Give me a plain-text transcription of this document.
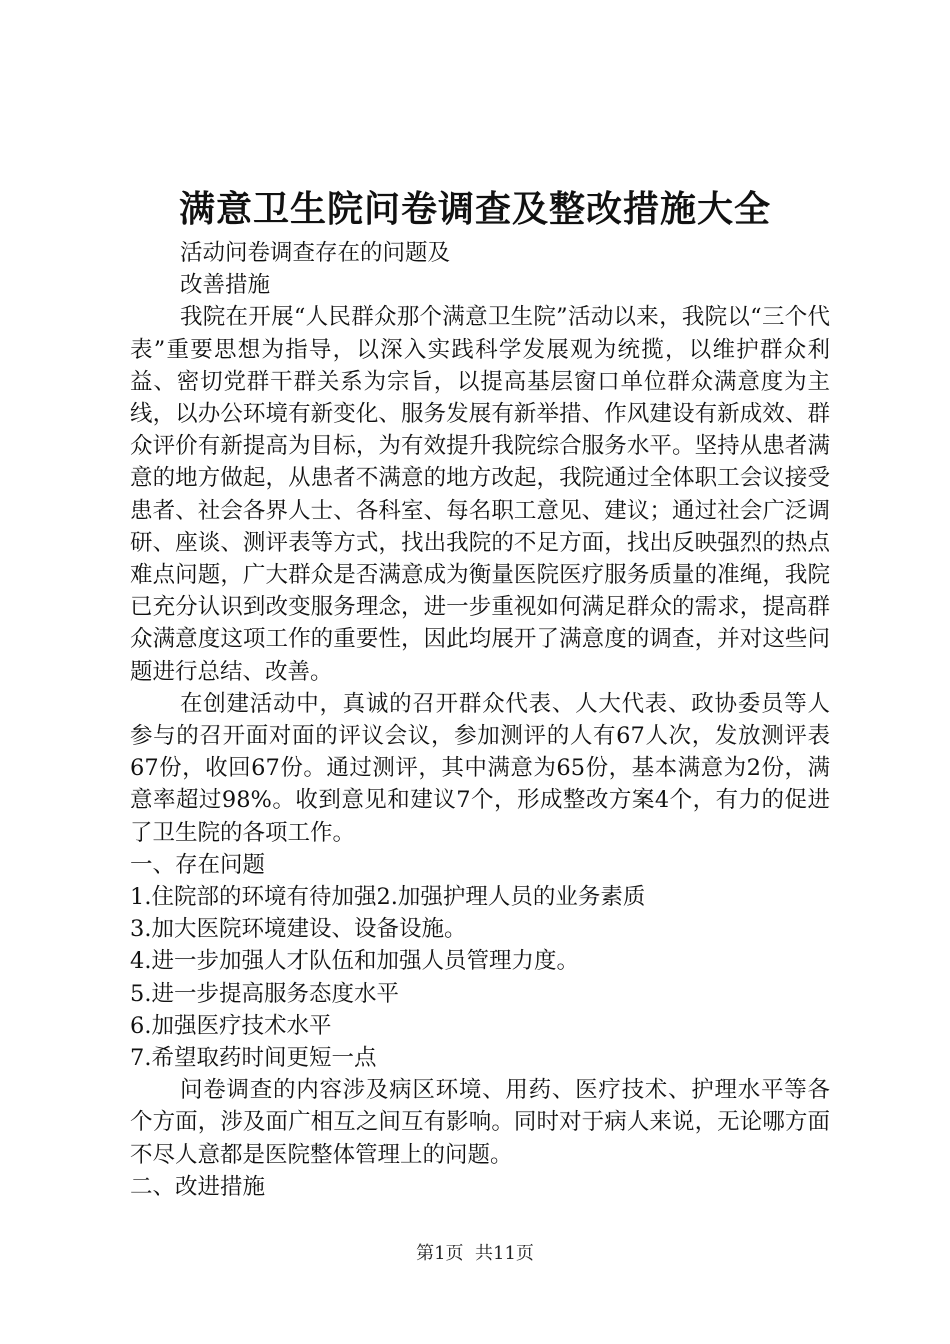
满意卫生院问卷调查及整改措施大全

活动问卷调查存在的问题及

改善措施

我院在开展“人民群众那个满意卫生院”活动以来，我院以“三个代表”重要思想为指导，以深入实践科学发展观为统揽，以维护群众利益、密切党群干群关系为宗旨，以提高基层窗口单位群众满意度为主线，以办公环境有新变化、服务发展有新举措、作风建设有新成效、群众评价有新提高为目标，为有效提升我院综合服务水平。坚持从患者满意的地方做起，从患者不满意的地方改起，我院通过全体职工会议接受患者、社会各界人士、各科室、每名职工意见、建议；通过社会广泛调研、座谈、测评表等方式，找出我院的不足方面，找出反映强烈的热点难点问题，广大群众是否满意成为衡量医院医疗服务质量的准绳，我院已充分认识到改变服务理念，进一步重视如何满足群众的需求，提高群众满意度这项工作的重要性，因此均展开了满意度的调查，并对这些问题进行总结、改善。

在创建活动中，真诚的召开群众代表、人大代表、政协委员等人参与的召开面对面的评议会议，参加测评的人有67人次，发放测评表67份，收回67份。通过测评，其中满意为65份，基本满意为2份，满意率超过98%。收到意见和建议7个，形成整改方案4个，有力的促进了卫生院的各项工作。

一、存在问题

1.住院部的环境有待加强2.加强护理人员的业务素质

3.加大医院环境建设、设备设施。

4.进一步加强人才队伍和加强人员管理力度。

5.进一步提高服务态度水平

6.加强医疗技术水平

7.希望取药时间更短一点

问卷调查的内容涉及病区环境、用药、医疗技术、护理水平等各个方面，涉及面广相互之间互有影响。同时对于病人来说，无论哪方面不尽人意都是医院整体管理上的问题。

二、改进措施

第1页  共11页
